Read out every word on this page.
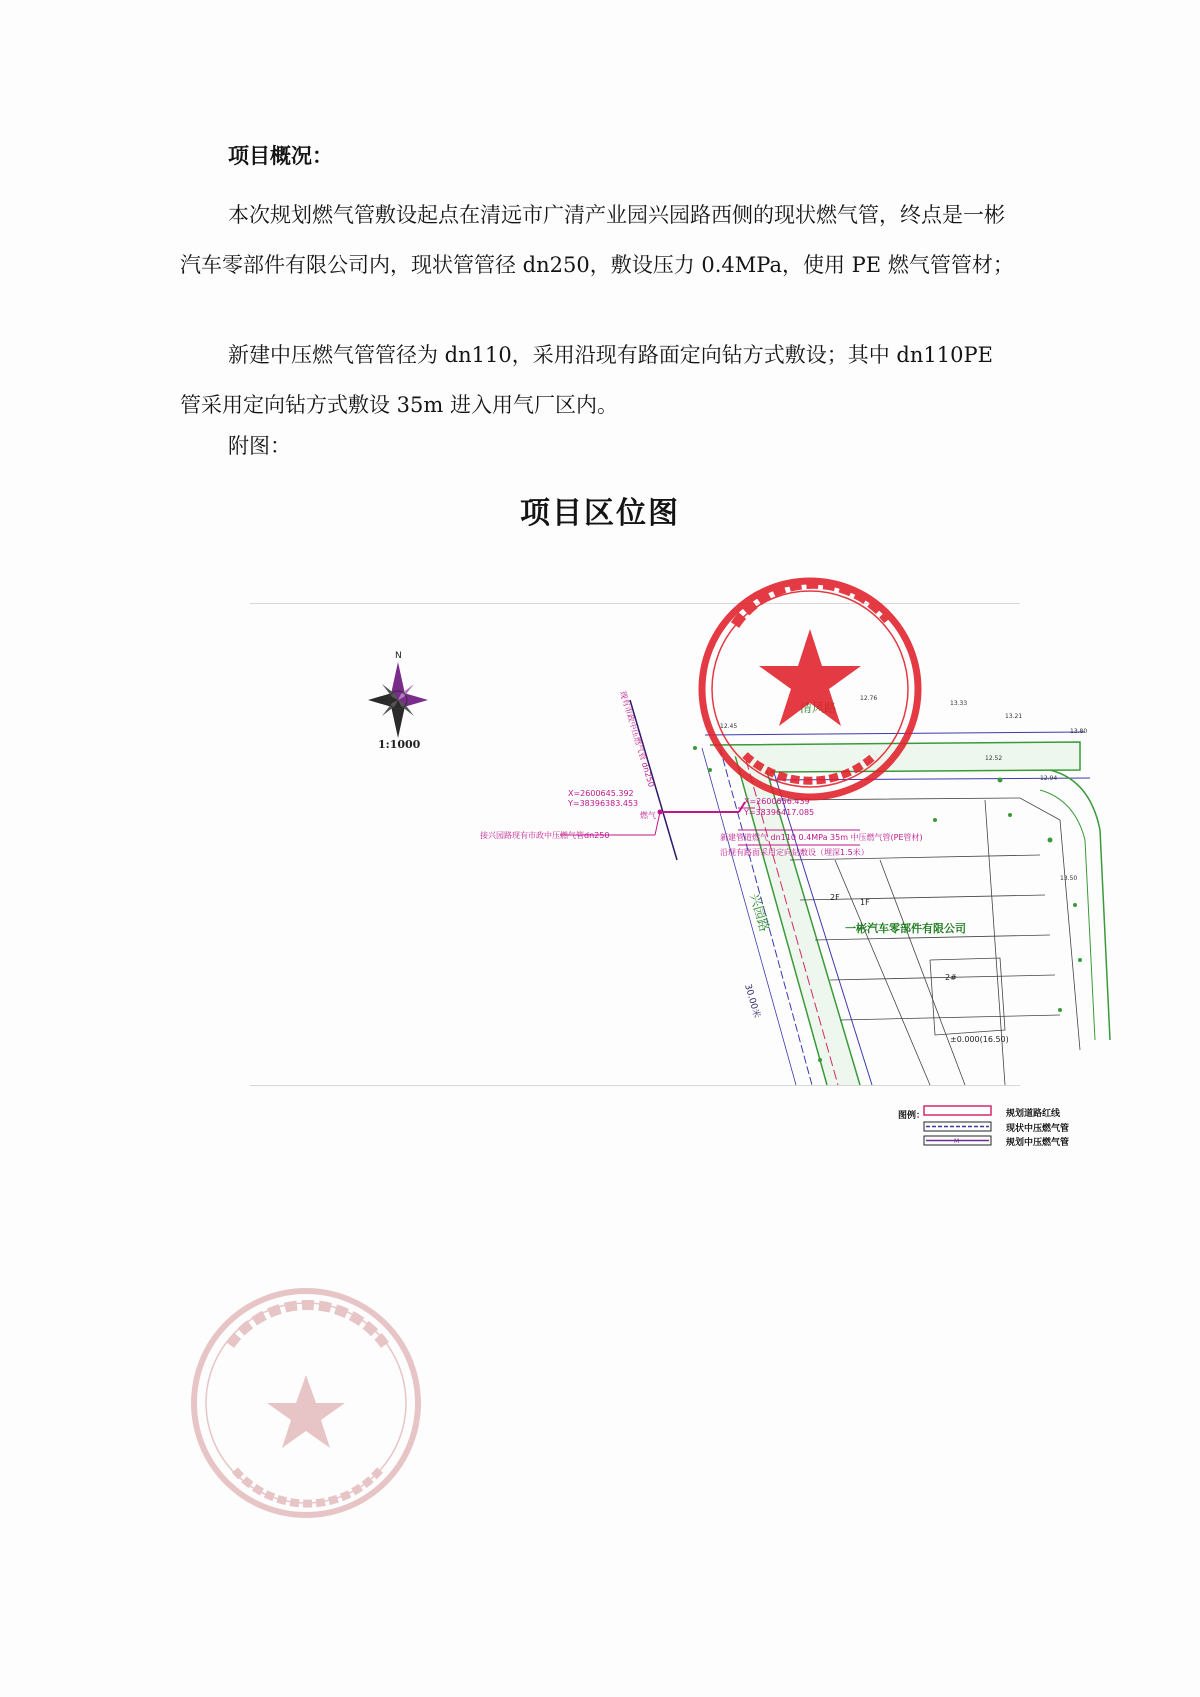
项目概况：

本次规划燃气管敷设起点在清远市广清产业园兴园路西侧的现状燃气管，终点是一彬汽车零部件有限公司内，现状管管径 dn250，敷设压力 0.4MPa，使用 PE 燃气管管材；

新建中压燃气管管径为 dn110，采用沿现有路面定向钻方式敷设；其中 dn110PE 管采用定向钻方式敷设 35m 进入用气厂区内。

附图：
项目区位图
N
1:1000	现有市政中压燃气管 dn250
X=2600645.392
Y=38396383.453	X=2600656.439
Y=38396417.085
燃气
接兴园路现有市政中压燃气管dn250	新建管道燃气 dn110 0.4MPa 35m 中压燃气管(PE管材)
沿现有路面采用定向钻敷设（埋深1.5米）
兴园路
30.00米
一彬汽车零部件有限公司
2#
2F
1F
±0.000(16.50)
12.45
12.76
13.33
13.21
13.80
12.52
12.94
13.50
M
图例：	规划道路红线
现状中压燃气管
规划中压燃气管
